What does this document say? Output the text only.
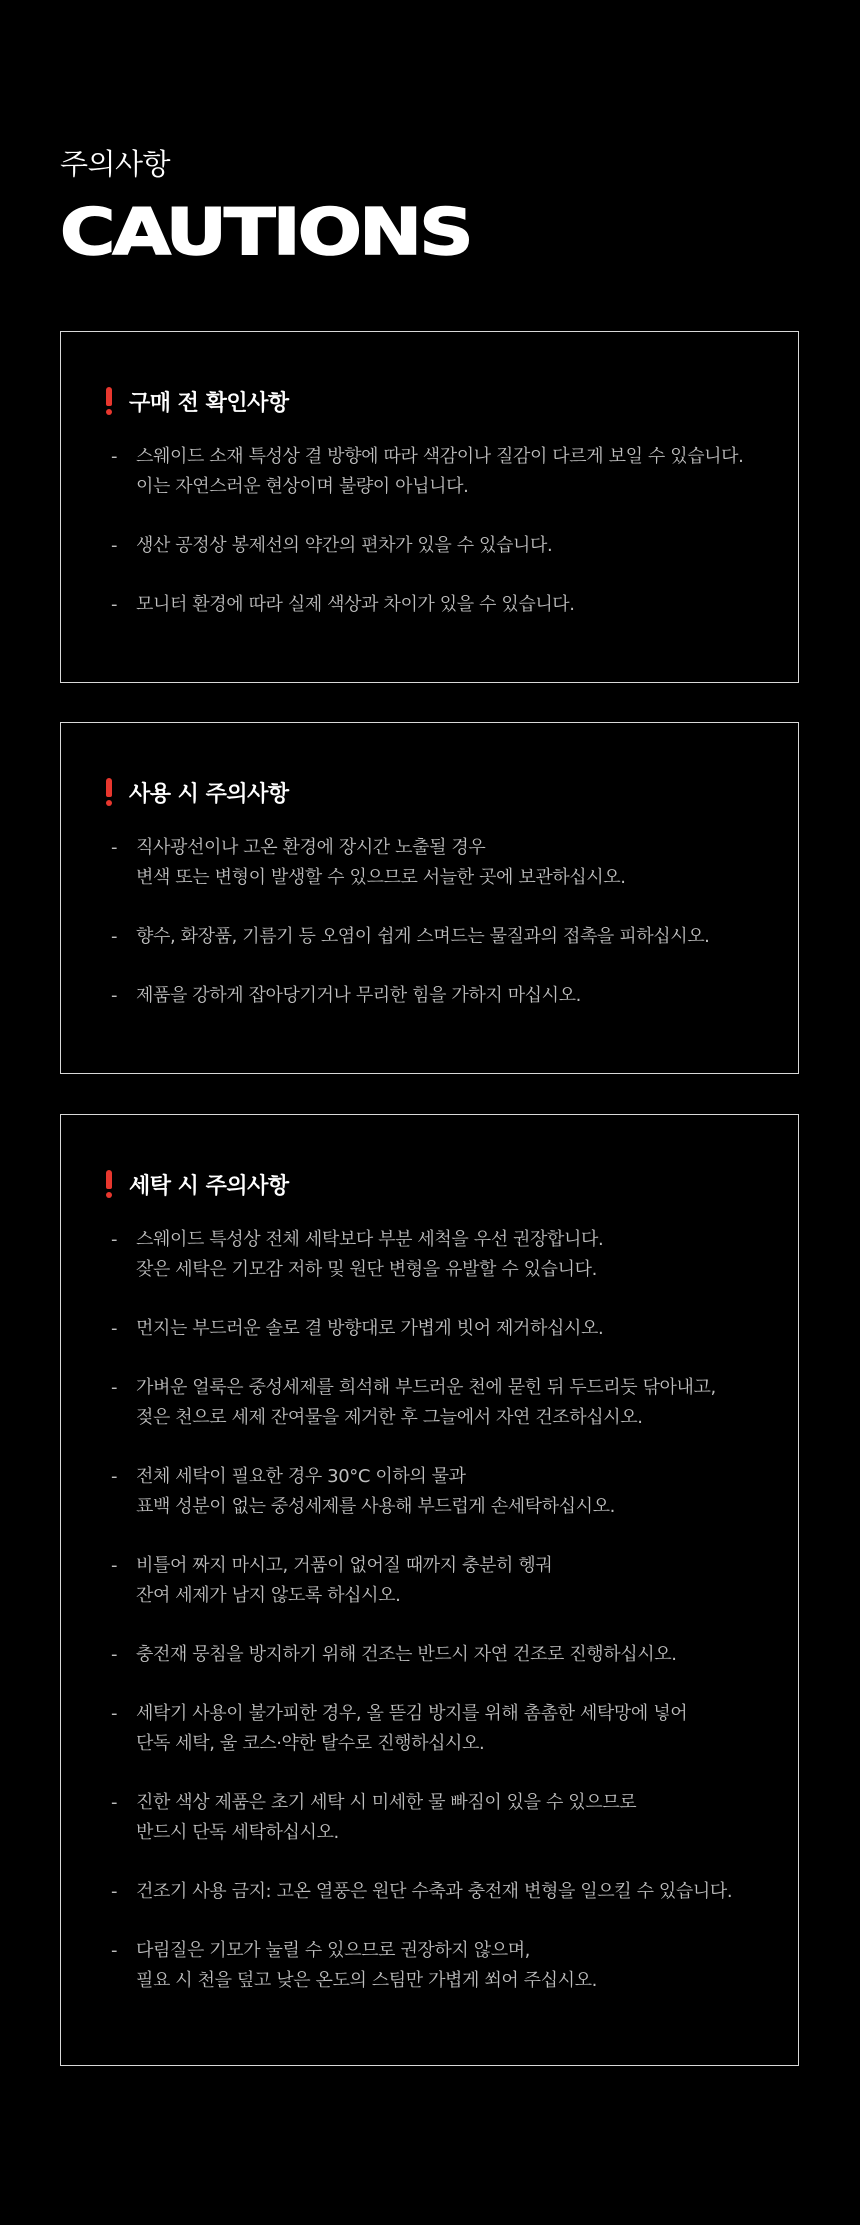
주의사항
CAUTIONS
구매 전 확인사항
-	스웨이드 소재 특성상 결 방향에 따라 색감이나 질감이 다르게 보일 수 있습니다.
이는 자연스러운 현상이며 불량이 아닙니다.
-	생산 공정상 봉제선의 약간의 편차가 있을 수 있습니다.
-	모니터 환경에 따라 실제 색상과 차이가 있을 수 있습니다.
사용 시 주의사항
-	직사광선이나 고온 환경에 장시간 노출될 경우
변색 또는 변형이 발생할 수 있으므로 서늘한 곳에 보관하십시오.
-	향수, 화장품, 기름기 등 오염이 쉽게 스며드는 물질과의 접촉을 피하십시오.
-	제품을 강하게 잡아당기거나 무리한 힘을 가하지 마십시오.
세탁 시 주의사항
-	스웨이드 특성상 전체 세탁보다 부분 세척을 우선 권장합니다.
잦은 세탁은 기모감 저하 및 원단 변형을 유발할 수 있습니다.
-	먼지는 부드러운 솔로 결 방향대로 가볍게 빗어 제거하십시오.
-	가벼운 얼룩은 중성세제를 희석해 부드러운 천에 묻힌 뒤 두드리듯 닦아내고,
젖은 천으로 세제 잔여물을 제거한 후 그늘에서 자연 건조하십시오.
-	전체 세탁이 필요한 경우 30°C 이하의 물과
표백 성분이 없는 중성세제를 사용해 부드럽게 손세탁하십시오.
-	비틀어 짜지 마시고, 거품이 없어질 때까지 충분히 헹궈
잔여 세제가 남지 않도록 하십시오.
-	충전재 뭉침을 방지하기 위해 건조는 반드시 자연 건조로 진행하십시오.
-	세탁기 사용이 불가피한 경우, 올 뜯김 방지를 위해 촘촘한 세탁망에 넣어
단독 세탁, 울 코스·약한 탈수로 진행하십시오.
-	진한 색상 제품은 초기 세탁 시 미세한 물 빠짐이 있을 수 있으므로
반드시 단독 세탁하십시오.
-	건조기 사용 금지: 고온 열풍은 원단 수축과 충전재 변형을 일으킬 수 있습니다.
-	다림질은 기모가 눌릴 수 있으므로 권장하지 않으며,
필요 시 천을 덮고 낮은 온도의 스팀만 가볍게 쐬어 주십시오.
